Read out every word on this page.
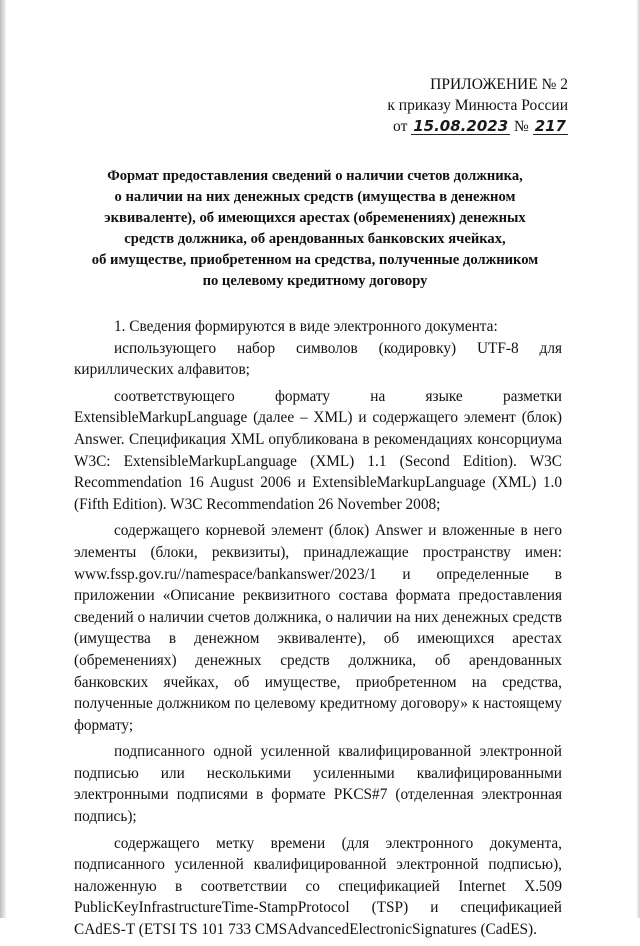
ПРИЛОЖЕНИЕ № 2
к приказу Минюста России
от 15.08.2023 № 217
Формат предоставления сведений о наличии счетов должника,
о наличии на них денежных средств (имущества в денежном
эквиваленте), об имеющихся арестах (обременениях) денежных
средств должника, об арендованных банковских ячейках,
об имуществе, приобретенном на средства, полученные должником
по целевому кредитному договору

1. Сведения формируются в виде электронного документа:

использующего набор символов (кодировку) UTF-8 для кириллических алфавитов;

соответствующего формату на языке разметки ExtensibleMarkupLanguage (далее – XML) и содержащего элемент (блок) Answer. Спецификация XML опубликована в рекомендациях консорциума W3C: ExtensibleMarkupLanguage (XML) 1.1 (Second Edition). W3C Recommendation 16 August 2006 и ExtensibleMarkupLanguage (XML) 1.0 (Fifth Edition). W3C Recommendation 26 November 2008;

содержащего корневой элемент (блок) Answer и вложенные в него элементы (блоки, реквизиты), принадлежащие пространству имен: www.fssp.gov.ru//namespace/bankanswer/2023/1 и определенные в приложении «Описание реквизитного состава формата предоставления сведений о наличии счетов должника, о наличии на них денежных средств (имущества в денежном эквиваленте), об имеющихся арестах (обременениях) денежных средств должника, об арендованных банковских ячейках, об имуществе, приобретенном на средства, полученные должником по целевому кредитному договору» к настоящему формату;

подписанного одной усиленной квалифицированной электронной подписью или несколькими усиленными квалифицированными электронными подписями в формате PKCS#7 (отделенная электронная подпись);

содержащего метку времени (для электронного документа, подписанного усиленной квалифицированной электронной подписью), наложенную в соответствии со спецификацией Internet X.509 PublicKeyInfrastructureTime-StampProtocol (TSP) и спецификацией CAdES-T (ETSI TS 101 733 CMSAdvancedElectronicSignatures (CadES).
